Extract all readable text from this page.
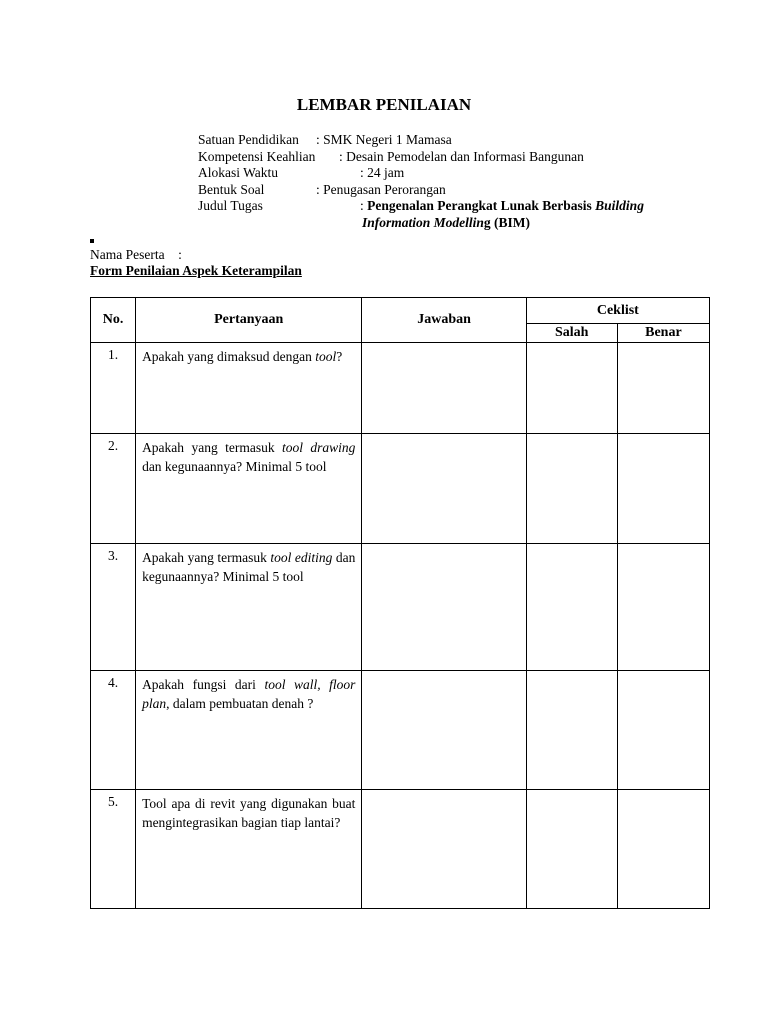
LEMBAR PENILAIAN
Satuan Pendidikan : SMK Negeri 1 Mamasa
Kompetensi Keahlian : Desain Pemodelan dan Informasi Bangunan
Alokasi Waktu	: 24 jam
Bentuk Soal	: Penugasan Perorangan
Judul Tugas	: Pengenalan Perangkat Lunak Berbasis Building
Information Modelling (BIM)
Nama Peserta    :
Form Penilaian Aspek Keterampilan
No.	Pertanyaan	Jawaban	Ceklist	
			Salah	Benar
1.	Apakah yang dimaksud dengan tool?			
2.	Apakah yang termasuk tool drawing dan kegunaannya? Minimal 5 tool			
3.	Apakah yang termasuk tool editing dan kegunaannya? Minimal 5 tool			
4.	Apakah fungsi dari tool wall, floor plan, dalam pembuatan denah ?			
5.	Tool apa di revit yang digunakan buat mengintegrasikan bagian tiap lantai?			
